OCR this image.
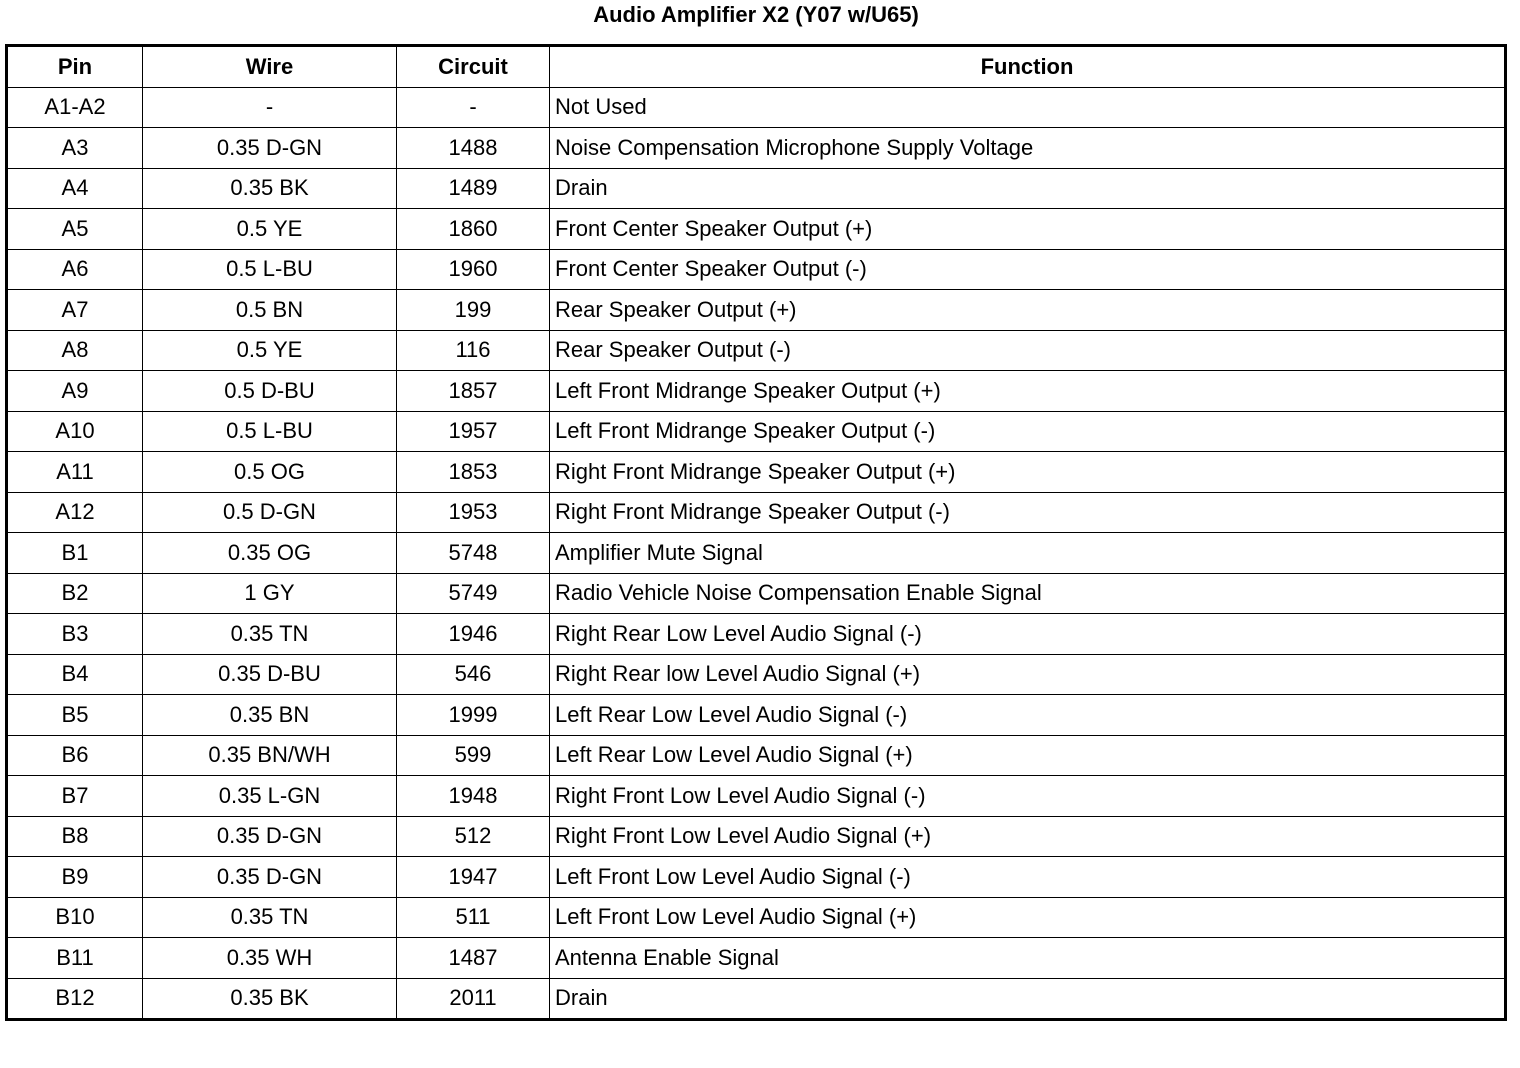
Audio Amplifier X2 (Y07 w/U65)
Pin	Wire	Circuit	Function
A1-A2	-	-	Not Used
A3	0.35 D-GN	1488	Noise Compensation Microphone Supply Voltage
A4	0.35 BK	1489	Drain
A5	0.5 YE	1860	Front Center Speaker Output (+)
A6	0.5 L-BU	1960	Front Center Speaker Output (-)
A7	0.5 BN	199	Rear Speaker Output (+)
A8	0.5 YE	116	Rear Speaker Output (-)
A9	0.5 D-BU	1857	Left Front Midrange Speaker Output (+)
A10	0.5 L-BU	1957	Left Front Midrange Speaker Output (-)
A11	0.5 OG	1853	Right Front Midrange Speaker Output (+)
A12	0.5 D-GN	1953	Right Front Midrange Speaker Output (-)
B1	0.35 OG	5748	Amplifier Mute Signal
B2	1 GY	5749	Radio Vehicle Noise Compensation Enable Signal
B3	0.35 TN	1946	Right Rear Low Level Audio Signal (-)
B4	0.35 D-BU	546	Right Rear low Level Audio Signal (+)
B5	0.35 BN	1999	Left Rear Low Level Audio Signal (-)
B6	0.35 BN/WH	599	Left Rear Low Level Audio Signal (+)
B7	0.35 L-GN	1948	Right Front Low Level Audio Signal (-)
B8	0.35 D-GN	512	Right Front Low Level Audio Signal (+)
B9	0.35 D-GN	1947	Left Front Low Level Audio Signal (-)
B10	0.35 TN	511	Left Front Low Level Audio Signal (+)
B11	0.35 WH	1487	Antenna Enable Signal
B12	0.35 BK	2011	Drain
